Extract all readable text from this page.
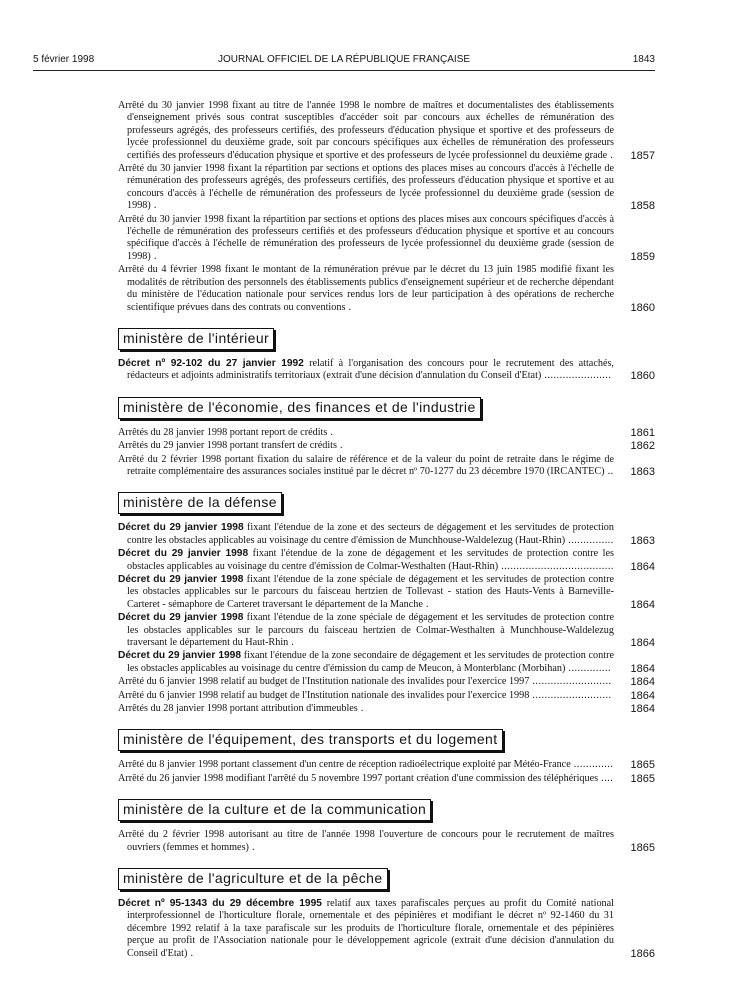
5 février 1998	JOURNAL OFFICIEL DE LA RÉPUBLIQUE FRANÇAISE	1843
Arrêté du 30 janvier 1998 fixant au titre de l'année 1998 le nombre de maîtres et documentalistes des établissements d'enseignement privés sous contrat susceptibles d'accéder soit par concours aux échelles de rémunération des professeurs agrégés, des professeurs certifiés, des professeurs d'éducation physique et sportive et des professeurs de lycée professionnel du deuxième grade, soit par concours spécifiques aux échelles de rémunération des professeurs certifiés des professeurs d'éducation physique et sportive et des professeurs de lycée professionnel du deuxième grade .	1857
Arrêté du 30 janvier 1998 fixant la répartition par sections et options des places mises au concours d'accès à l'échelle de rémunération des professeurs agrégés, des professeurs certifiés, des professeurs d'éducation physique et sportive et au concours d'accès à l'échelle de rémunération des professeurs de lycée professionnel du deuxième grade (session de 1998) .	1858
Arrêté du 30 janvier 1998 fixant la répartition par sections et options des places mises aux concours spécifiques d'accès à l'échelle de rémunération des professeurs certifiés et des professeurs d'éducation physique et sportive et au concours spécifique d'accès à l'échelle de rémunération des professeurs de lycée professionnel du deuxième grade (session de 1998) .	1859
Arrêté du 4 février 1998 fixant le montant de la rémunération prévue par le décret du 13 juin 1985 modifié fixant les modalités de rétribution des personnels des établissements publics d'enseignement supérieur et de recherche dépendant du ministère de l'éducation nationale pour services rendus lors de leur participation à des opérations de recherche scientifique prévues dans des contrats ou conventions .	1860
ministère de l'intérieur
Décret nº 92-102 du 27 janvier 1992 relatif à l'organisation des concours pour le recrutement des attachés, rédacteurs et adjoints administratifs territoriaux (extrait d'une décision d'annulation du Conseil d'Etat) ......................	1860
ministère de l'économie, des finances et de l'industrie
Arrêtés du 28 janvier 1998 portant report de crédits .	1861
Arrêtés du 29 janvier 1998 portant transfert de crédits .	1862
Arrêté du 2 février 1998 portant fixation du salaire de référence et de la valeur du point de retraite dans le régime de retraite complémentaire des assurances sociales institué par le décret nº 70-1277 du 23 décembre 1970 (IRCANTEC) ..	1863
ministère de la défense
Décret du 29 janvier 1998 fixant l'étendue de la zone et des secteurs de dégagement et les servitudes de protection contre les obstacles applicables au voisinage du centre d'émission de Munchhouse-Waldelezug (Haut-Rhin) ...............	1863
Décret du 29 janvier 1998 fixant l'étendue de la zone de dégagement et les servitudes de protection contre les obstacles applicables au voisinage du centre d'émission de Colmar-Westhalten (Haut-Rhin) .....................................	1864
Décret du 29 janvier 1998 fixant l'étendue de la zone spéciale de dégagement et les servitudes de protection contre les obstacles applicables sur le parcours du faisceau hertzien de Tollevast - station des Hauts-Vents à Barneville-Carteret - sémaphore de Carteret traversant le département de la Manche .	1864
Décret du 29 janvier 1998 fixant l'étendue de la zone spéciale de dégagement et les servitudes de protection contre les obstacles applicables sur le parcours du faisceau hertzien de Colmar-Westhalten à Munchhouse-Waldelezug traversant le département du Haut-Rhin .	1864
Décret du 29 janvier 1998 fixant l'étendue de la zone secondaire de dégagement et les servitudes de protection contre les obstacles applicables au voisinage du centre d'émission du camp de Meucon, à Monterblanc (Morbihan) ..............	1864
Arrêté du 6 janvier 1998 relatif au budget de l'Institution nationale des invalides pour l'exercice 1997 ..........................	1864
Arrêté du 6 janvier 1998 relatif au budget de l'Institution nationale des invalides pour l'exercice 1998 ..........................	1864
Arrêtés du 28 janvier 1998 portant attribution d'immeubles .	1864
ministère de l'équipement, des transports et du logement
Arrêté du 8 janvier 1998 portant classement d'un centre de réception radioélectrique exploité par Météo-France .............	1865
Arrêté du 26 janvier 1998 modifiant l'arrêté du 5 novembre 1997 portant création d'une commission des téléphériques ....	1865
ministère de la culture et de la communication
Arrêté du 2 février 1998 autorisant au titre de l'année 1998 l'ouverture de concours pour le recrutement de maîtres ouvriers (femmes et hommes) .	1865
ministère de l'agriculture et de la pêche
Décret nº 95-1343 du 29 décembre 1995 relatif aux taxes parafiscales perçues au profit du Comité national interprofessionnel de l'horticulture florale, ornementale et des pépinières et modifiant le décret nº 92-1460 du 31 décembre 1992 relatif à la taxe parafiscale sur les produits de l'horticulture florale, ornementale et des pépinières perçue au profit de l'Association nationale pour le développement agricole (extrait d'une décision d'annulation du Conseil d'Etat) .	1866
